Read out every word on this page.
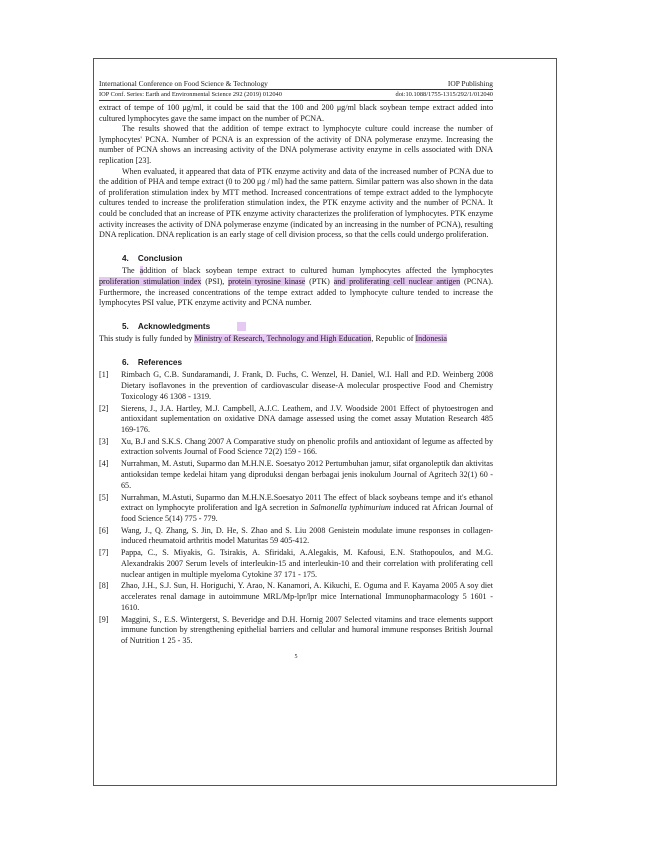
International Conference on Food Science & Technology	IOP Publishing
IOP Conf. Series: Earth and Environmental Science 292 (2019) 012040	doi:10.1088/1755-1315/292/1/012040

extract of tempe of 100 μg/ml, it could be said that the 100 and 200 μg/ml black soybean tempe extract added into cultured lymphocytes gave the same impact on the number of PCNA.

The results showed that the addition of tempe extract to lymphocyte culture could increase the number of lymphocytes' PCNA. Number of PCNA is an expression of the activity of DNA polymerase enzyme. Increasing the number of PCNA shows an increasing activity of the DNA polymerase activity enzyme in cells associated with DNA replication [23].

When evaluated, it appeared that data of PTK enzyme activity and data of the increased number of PCNA due to the addition of PHA and tempe extract (0 to 200 μg / ml) had the same pattern. Similar pattern was also shown in the data of proliferation stimulation index by MTT method. Increased concentrations of tempe extract added to the lymphocyte cultures tended to increase the proliferation stimulation index, the PTK enzyme activity and the number of PCNA. It could be concluded that an increase of PTK enzyme activity characterizes the proliferation of lymphocytes. PTK enzyme activity increases the activity of DNA polymerase enzyme (indicated by an increasing in the number of PCNA), resulting DNA replication. DNA replication is an early stage of cell division process, so that the cells could undergo proliferation.

4. Conclusion

The addition of black soybean tempe extract to cultured human lymphocytes affected the lymphocytes proliferation stimulation index (PSI), protein tyrosine kinase (PTK) and proliferating cell nuclear antigen (PCNA). Furthermore, the increased concentrations of the tempe extract added to lymphocyte culture tended to increase the lymphocytes PSI value, PTK enzyme activity and PCNA number.

5. Acknowledgments

This study is fully funded by Ministry of Research, Technology and High Education, Republic of Indonesia

6. References
[1]	Rimbach G, C.B. Sundaramandi, J. Frank, D. Fuchs, C. Wenzel, H. Daniel, W.I. Hall and P.D. Weinberg 2008 Dietary isoflavones in the prevention of cardiovascular disease-A molecular prospective Food and Chemistry Toxicology 46 1308 - 1319.
[2]	Sierens, J., J.A. Hartley, M.J. Campbell, A.J.C. Leathem, and J.V. Woodside 2001 Effect of phytoestrogen and antioxidant suplementation on oxidative DNA damage assessed using the comet assay Mutation Research 485 169-176.
[3]	Xu, B.J and S.K.S. Chang 2007 A Comparative study on phenolic profils and antioxidant of legume as affected by extraction solvents Journal of Food Science 72(2) 159 - 166.
[4]	Nurrahman, M. Astuti, Suparmo dan M.H.N.E. Soesatyo 2012 Pertumbuhan jamur, sifat organoleptik dan aktivitas antioksidan tempe kedelai hitam yang diproduksi dengan berbagai jenis inokulum Journal of Agritech 32(1) 60 - 65.
[5]	Nurrahman, M.Astuti, Suparmo dan M.H.N.E.Soesatyo 2011 The effect of black soybeans tempe and it's ethanol extract on lymphocyte proliferation and IgA secretion in Salmonella typhimurium induced rat African Journal of food Science 5(14) 775 - 779.
[6]	Wang, J., Q. Zhang, S. Jin, D. He, S. Zhao and S. Liu 2008 Genistein modulate imune responses in collagen-induced rheumatoid arthritis model Maturitas 59 405-412.
[7]	Pappa, C., S. Miyakis, G. Tsirakis, A. Sfiridaki, A.Alegakis, M. Kafousi, E.N. Stathopoulos, and M.G. Alexandrakis 2007 Serum levels of interleukin-15 and interleukin-10 and their correlation with proliferating cell nuclear antigen in multiple myeloma Cytokine 37 171 - 175.
[8]	Zhao, J.H., S.J. Sun, H. Horiguchi, Y. Arao, N. Kanamori, A. Kikuchi, E. Oguma and F. Kayama 2005 A soy diet accelerates renal damage in autoimmune MRL/Mp-lpr/lpr mice International Immunopharmacology 5 1601 - 1610.
[9]	Maggini, S., E.S. Wintergerst, S. Beveridge and D.H. Hornig 2007 Selected vitamins and trace elements support immune function by strengthening epithelial barriers and cellular and humoral immune responses British Journal of Nutrition 1 25 - 35.
5
